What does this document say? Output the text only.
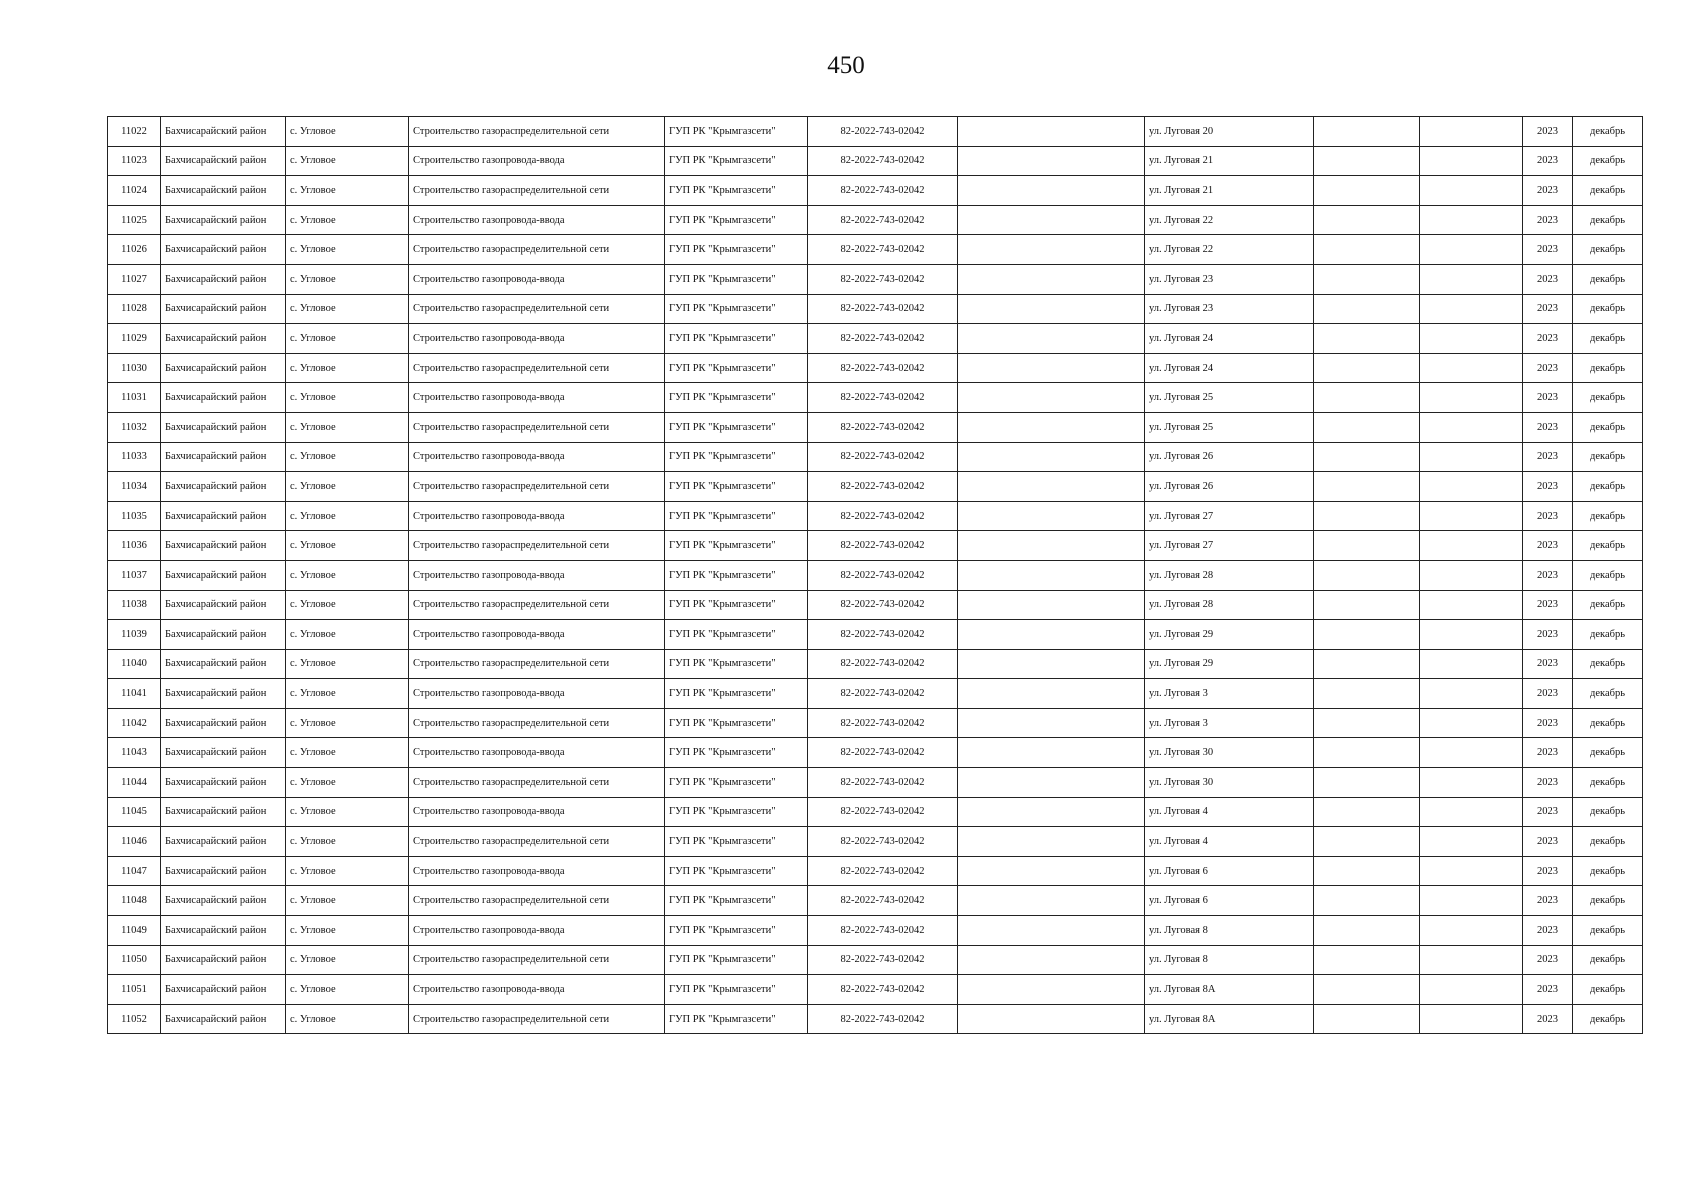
450
11022	Бахчисарайский район	с. Угловое	Строительство газораспределительной сети	ГУП РК "Крымгазсети"	82-2022-743-02042		ул. Луговая 20			2023	декабрь
11023	Бахчисарайский район	с. Угловое	Строительство газопровода-ввода	ГУП РК "Крымгазсети"	82-2022-743-02042		ул. Луговая 21			2023	декабрь
11024	Бахчисарайский район	с. Угловое	Строительство газораспределительной сети	ГУП РК "Крымгазсети"	82-2022-743-02042		ул. Луговая 21			2023	декабрь
11025	Бахчисарайский район	с. Угловое	Строительство газопровода-ввода	ГУП РК "Крымгазсети"	82-2022-743-02042		ул. Луговая 22			2023	декабрь
11026	Бахчисарайский район	с. Угловое	Строительство газораспределительной сети	ГУП РК "Крымгазсети"	82-2022-743-02042		ул. Луговая 22			2023	декабрь
11027	Бахчисарайский район	с. Угловое	Строительство газопровода-ввода	ГУП РК "Крымгазсети"	82-2022-743-02042		ул. Луговая 23			2023	декабрь
11028	Бахчисарайский район	с. Угловое	Строительство газораспределительной сети	ГУП РК "Крымгазсети"	82-2022-743-02042		ул. Луговая 23			2023	декабрь
11029	Бахчисарайский район	с. Угловое	Строительство газопровода-ввода	ГУП РК "Крымгазсети"	82-2022-743-02042		ул. Луговая 24			2023	декабрь
11030	Бахчисарайский район	с. Угловое	Строительство газораспределительной сети	ГУП РК "Крымгазсети"	82-2022-743-02042		ул. Луговая 24			2023	декабрь
11031	Бахчисарайский район	с. Угловое	Строительство газопровода-ввода	ГУП РК "Крымгазсети"	82-2022-743-02042		ул. Луговая 25			2023	декабрь
11032	Бахчисарайский район	с. Угловое	Строительство газораспределительной сети	ГУП РК "Крымгазсети"	82-2022-743-02042		ул. Луговая 25			2023	декабрь
11033	Бахчисарайский район	с. Угловое	Строительство газопровода-ввода	ГУП РК "Крымгазсети"	82-2022-743-02042		ул. Луговая 26			2023	декабрь
11034	Бахчисарайский район	с. Угловое	Строительство газораспределительной сети	ГУП РК "Крымгазсети"	82-2022-743-02042		ул. Луговая 26			2023	декабрь
11035	Бахчисарайский район	с. Угловое	Строительство газопровода-ввода	ГУП РК "Крымгазсети"	82-2022-743-02042		ул. Луговая 27			2023	декабрь
11036	Бахчисарайский район	с. Угловое	Строительство газораспределительной сети	ГУП РК "Крымгазсети"	82-2022-743-02042		ул. Луговая 27			2023	декабрь
11037	Бахчисарайский район	с. Угловое	Строительство газопровода-ввода	ГУП РК "Крымгазсети"	82-2022-743-02042		ул. Луговая 28			2023	декабрь
11038	Бахчисарайский район	с. Угловое	Строительство газораспределительной сети	ГУП РК "Крымгазсети"	82-2022-743-02042		ул. Луговая 28			2023	декабрь
11039	Бахчисарайский район	с. Угловое	Строительство газопровода-ввода	ГУП РК "Крымгазсети"	82-2022-743-02042		ул. Луговая 29			2023	декабрь
11040	Бахчисарайский район	с. Угловое	Строительство газораспределительной сети	ГУП РК "Крымгазсети"	82-2022-743-02042		ул. Луговая 29			2023	декабрь
11041	Бахчисарайский район	с. Угловое	Строительство газопровода-ввода	ГУП РК "Крымгазсети"	82-2022-743-02042		ул. Луговая 3			2023	декабрь
11042	Бахчисарайский район	с. Угловое	Строительство газораспределительной сети	ГУП РК "Крымгазсети"	82-2022-743-02042		ул. Луговая 3			2023	декабрь
11043	Бахчисарайский район	с. Угловое	Строительство газопровода-ввода	ГУП РК "Крымгазсети"	82-2022-743-02042		ул. Луговая 30			2023	декабрь
11044	Бахчисарайский район	с. Угловое	Строительство газораспределительной сети	ГУП РК "Крымгазсети"	82-2022-743-02042		ул. Луговая 30			2023	декабрь
11045	Бахчисарайский район	с. Угловое	Строительство газопровода-ввода	ГУП РК "Крымгазсети"	82-2022-743-02042		ул. Луговая 4			2023	декабрь
11046	Бахчисарайский район	с. Угловое	Строительство газораспределительной сети	ГУП РК "Крымгазсети"	82-2022-743-02042		ул. Луговая 4			2023	декабрь
11047	Бахчисарайский район	с. Угловое	Строительство газопровода-ввода	ГУП РК "Крымгазсети"	82-2022-743-02042		ул. Луговая 6			2023	декабрь
11048	Бахчисарайский район	с. Угловое	Строительство газораспределительной сети	ГУП РК "Крымгазсети"	82-2022-743-02042		ул. Луговая 6			2023	декабрь
11049	Бахчисарайский район	с. Угловое	Строительство газопровода-ввода	ГУП РК "Крымгазсети"	82-2022-743-02042		ул. Луговая 8			2023	декабрь
11050	Бахчисарайский район	с. Угловое	Строительство газораспределительной сети	ГУП РК "Крымгазсети"	82-2022-743-02042		ул. Луговая 8			2023	декабрь
11051	Бахчисарайский район	с. Угловое	Строительство газопровода-ввода	ГУП РК "Крымгазсети"	82-2022-743-02042		ул. Луговая 8А			2023	декабрь
11052	Бахчисарайский район	с. Угловое	Строительство газораспределительной сети	ГУП РК "Крымгазсети"	82-2022-743-02042		ул. Луговая 8А			2023	декабрь
